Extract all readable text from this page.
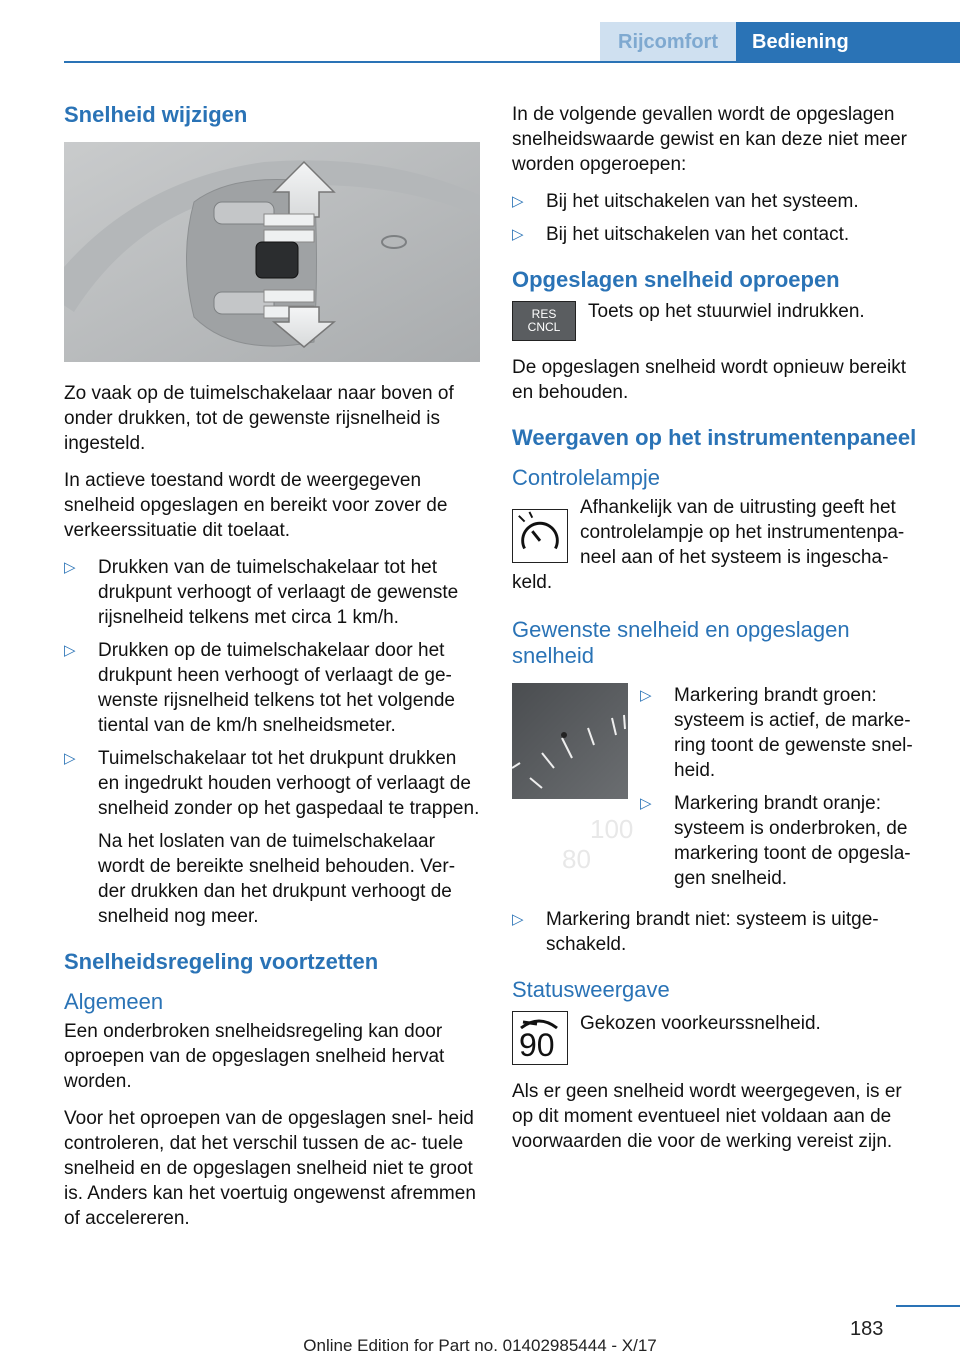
Rijcomfort	Bediening
Snelheid wijzigen

Zo vaak op de tuimelschakelaar naar boven of onder drukken, tot de gewenste rijsnelheid is ingesteld.

In actieve toestand wordt de weergegeven snelheid opgeslagen en bereikt voor zover de verkeerssituatie dit toelaat.

▷ Drukken van de tuimelschakelaar tot het drukpunt verhoogt of verlaagt de gewenste rijsnelheid telkens met circa 1 km/h.
▷ Drukken op de tuimelschakelaar door het drukpunt heen verhoogt of verlaagt de ge‐ wenste rijsnelheid telkens tot het volgende tiental van de km/h snelheidsmeter.
▷ Tuimelschakelaar tot het drukpunt drukken en ingedrukt houden verhoogt of verlaagt de snelheid zonder op het gaspedaal te trappen.

Na het loslaten van de tuimelschakelaar wordt de bereikte snelheid behouden. Ver‐ der drukken dan het drukpunt verhoogt de snelheid nog meer.

Snelheidsregeling voortzetten
Algemeen

Een onderbroken snelheidsregeling kan door oproepen van de opgeslagen snelheid hervat worden.

Voor het oproepen van de opgeslagen snel‐ heid controleren, dat het verschil tussen de ac‐ tuele snelheid en de opgeslagen snelheid niet te groot is. Anders kan het voertuig ongewenst afremmen of accelereren.

In de volgende gevallen wordt de opgeslagen snelheidswaarde gewist en kan deze niet meer worden opgeroepen:

▷ Bij het uitschakelen van het systeem.
▷ Bij het uitschakelen van het contact.
Opgeslagen snelheid oproepen
RES
CNCL
Toets op het stuurwiel indrukken.

De opgeslagen snelheid wordt opnieuw bereikt en behouden.

Weergaven op het instrumentenpaneel
Controlelampje
Afhankelijk van de uitrusting geeft het controlelampje op het instrumentenpa‐ neel aan of het systeem is ingescha‐

keld.

Gewenste snelheid en opgeslagen snelheid
▷ Markering brandt groen: systeem is actief, de marke‐ ring toont de gewenste snel‐ heid.
▷ Markering brandt oranje: systeem is onderbroken, de markering toont de opgesla‐ gen snelheid.
100
80
▷ Markering brandt niet: systeem is uitge‐ schakeld.
Statusweergave
90
Gekozen voorkeurssnelheid.

Als er geen snelheid wordt weergegeven, is er op dit moment eventueel niet voldaan aan de voorwaarden die voor de werking vereist zijn.

183
Online Edition for Part no. 01402985444 - X/17
